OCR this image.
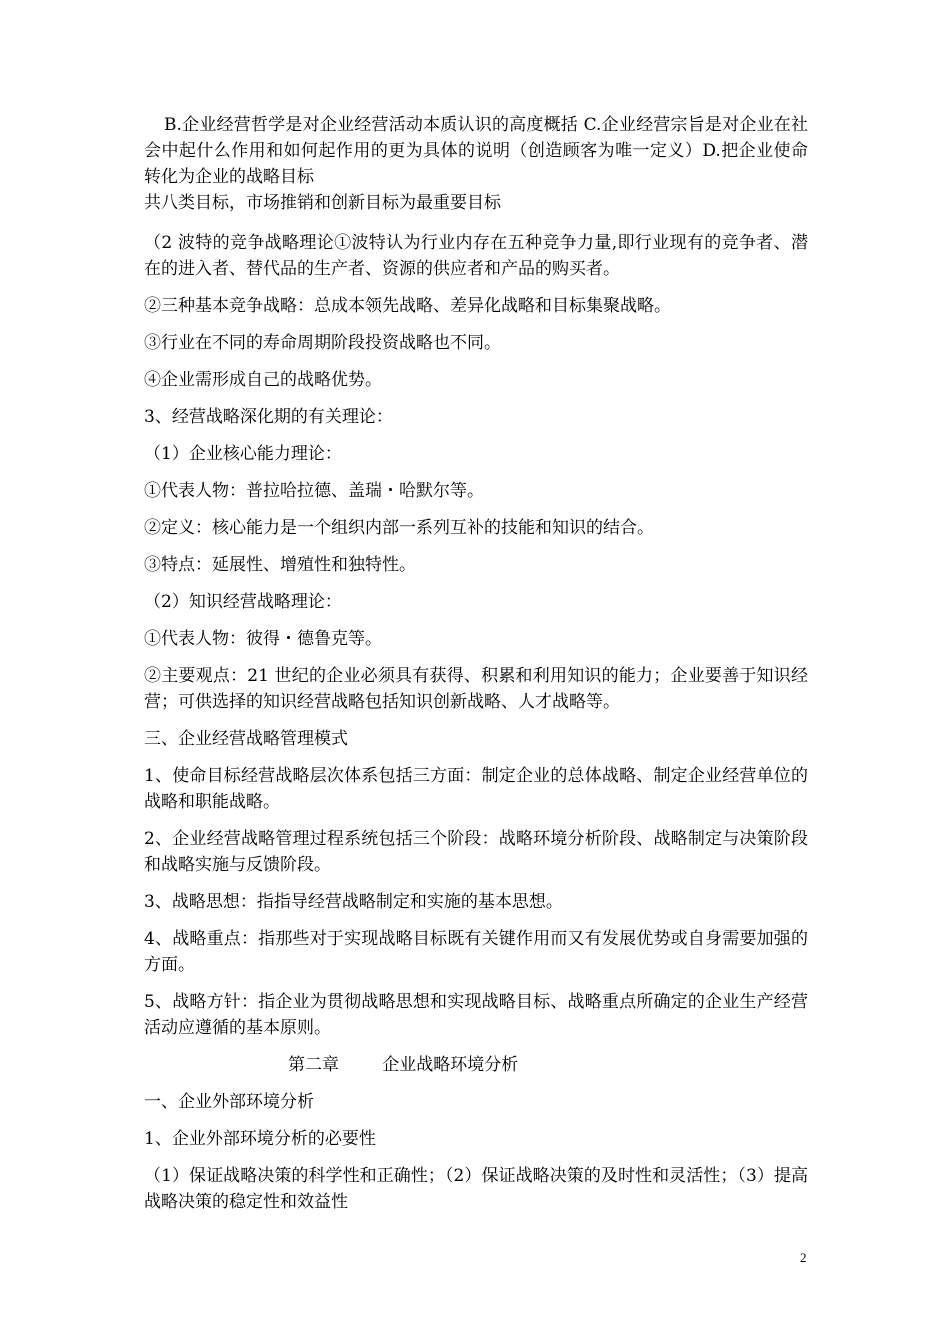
B.企业经营哲学是对企业经营活动本质认识的高度概括 C.企业经营宗旨是对企业在社会中起什么作用和如何起作用的更为具体的说明（创造顾客为唯一定义）D.把企业使命转化为企业的战略目标

共八类目标，市场推销和创新目标为最重要目标

（2 波特的竞争战略理论①波特认为行业内存在五种竞争力量,即行业现有的竞争者、潜在的进入者、替代品的生产者、资源的供应者和产品的购买者。

②三种基本竞争战略：总成本领先战略、差异化战略和目标集聚战略。

③行业在不同的寿命周期阶段投资战略也不同。

④企业需形成自己的战略优势。

3、经营战略深化期的有关理论：

（1）企业核心能力理论：

①代表人物：普拉哈拉德、盖瑞・哈默尔等。

②定义：核心能力是一个组织内部一系列互补的技能和知识的结合。

③特点：延展性、增殖性和独特性。

（2）知识经营战略理论：

①代表人物：彼得・德鲁克等。

②主要观点：21 世纪的企业必须具有获得、积累和利用知识的能力；企业要善于知识经营；可供选择的知识经营战略包括知识创新战略、人才战略等。

三、企业经营战略管理模式

1、使命目标经营战略层次体系包括三方面：制定企业的总体战略、制定企业经营单位的战略和职能战略。

2、企业经营战略管理过程系统包括三个阶段：战略环境分析阶段、战略制定与决策阶段和战略实施与反馈阶段。

3、战略思想：指指导经营战略制定和实施的基本思想。

4、战略重点：指那些对于实现战略目标既有关键作用而又有发展优势或自身需要加强的方面。

5、战略方针：指企业为贯彻战略思想和实现战略目标、战略重点所确定的企业生产经营活动应遵循的基本原则。

第二章	企业战略环境分析

一、企业外部环境分析

1、企业外部环境分析的必要性

（1）保证战略决策的科学性和正确性；（2）保证战略决策的及时性和灵活性；（3）提高战略决策的稳定性和效益性

2
